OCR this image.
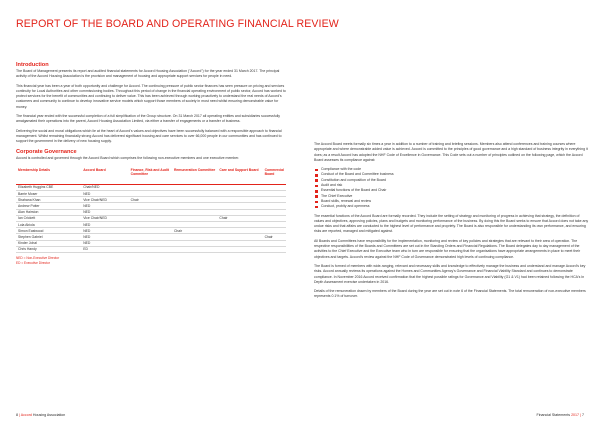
REPORT OF THE BOARD AND OPERATING FINANCIAL REVIEW
Introduction

The Board of Management presents its report and audited financial statements for Accord Housing Association ("Accord") for the year ended 31 March 2017. The principal activity of the Accord Housing Association is the provision and management of housing and appropriate support services for people in need.

This financial year has been a year of both opportunity and challenge for Accord. The continuing pressure of public sector finances has seen pressure on pricing and services continuity for Local Authorities and other commissioning bodies. Throughout this period of change in the financial operating environment of public sector, Accord has worked to protect services for the benefit of communities and continuing to deliver value. This has been achieved through working proactively to understand the real needs of Accord's customers and community to continue to develop innovative service models which support those members of society in most need whilst ensuring demonstrable value for money.

The financial year ended with the successful completion of a full simplification of the Group structure. On 31 March 2017 all operating entities and subsidiaries successfully amalgamated their operations into the parent, Accord Housing Association Limited, via either a transfer of engagements or a transfer of business.

Delivering the social and moral obligations which lie at the heart of Accord's values and objectives have been successfully balanced with a responsible approach to financial management. Whilst remaining financially strong Accord has delivered significant housing and care services to over 66,000 people in our communities and has continued to support the government in the delivery of new housing supply.

Corporate Governance

Accord is controlled and governed through the Accord Board which comprises the following non-executive members and one executive member.

Membership Details	Accord Board	Finance, Risk and Audit Committee	Remuneration Committee	Care and Support Board	Commercial Board
Elizabeth Huggins CBE	Chair/NED				
Barrie Moser	NED				
Shahana Khan	Vice Chair/NED	Chair			
Andrew Potter	NED				
Alan Hairston	NED				
Ian Crickett	Vice Chair/NED			Chair	
Lola Abiola	NED				
Simon Eastwood	NED		Chair		
Stephen Gabriel	NED				Chair
Kinder Johal	NED				
Chris Handy	ED				
NED = Non-Executive Director
ED = Executive Director
8 | Accord Housing Association

The Accord Board meets formally six times a year in addition to a number of training and briefing sessions. Members also attend conferences and training courses where appropriate and where demonstrable added value is achieved. Accord is committed to the principles of good governance and a high standard of business integrity in everything it does; as a result Accord has adopted the NHF Code of Excellence in Governance. This Code sets out a number of principles outlined on the following page, which the Accord Board assesses its compliance against:

Compliance with the code
Conduct of the Board and Committee business
Constitution and composition of the Board
Audit and risk
Essential functions of the Board and Chair
The Chief Executive
Board skills, renewal and review
Conduct, probity and openness

The essential functions of the Accord Board are formally recorded. They include the setting of strategy and monitoring of progress in achieving that strategy, the definition of values and objectives, approving policies, plans and budgets and monitoring performance of the business. By doing this the Board seeks to ensure that Accord does not take any undue risks and that affairs are conducted to the highest level of performance and propriety. The Board is also responsible for understanding its own performance, and ensuring risks are reported, managed and mitigated against.

All Boards and Committees have responsibility for the implementation, monitoring and review of key policies and strategies that are relevant to their area of operation. The respective responsibilities of the Boards and Committees are set out in the Standing Orders and Financial Regulations. The Board delegates day to day management of the activities to the Chief Executive and the Executive team who in turn are responsible for ensuring that the organisations have appropriate arrangements in place to meet their objectives and targets. Accord's review against the NHF Code of Governance demonstrated high levels of continuing compliance.

The Board is formed of members with wide-ranging, relevant and necessary skills and knowledge to effectively manage the business and understand and manage Accord's key risks. Accord annually reviews its operations against the Homes and Communities Agency's Governance and Financial Viability Standard and continues to demonstrate compliance. In November 2016 Accord received confirmation that the highest possible ratings for Governance and Viability (G1 & V1) had been retained following the HCA's In Depth Assessment exercise undertaken in 2016.

Details of the remuneration drawn by members of the Board during the year are set out in note 6 of the Financial Statements. The total remuneration of non-executive members represents 0.1% of turnover.

Financial Statements 2017 | 7
